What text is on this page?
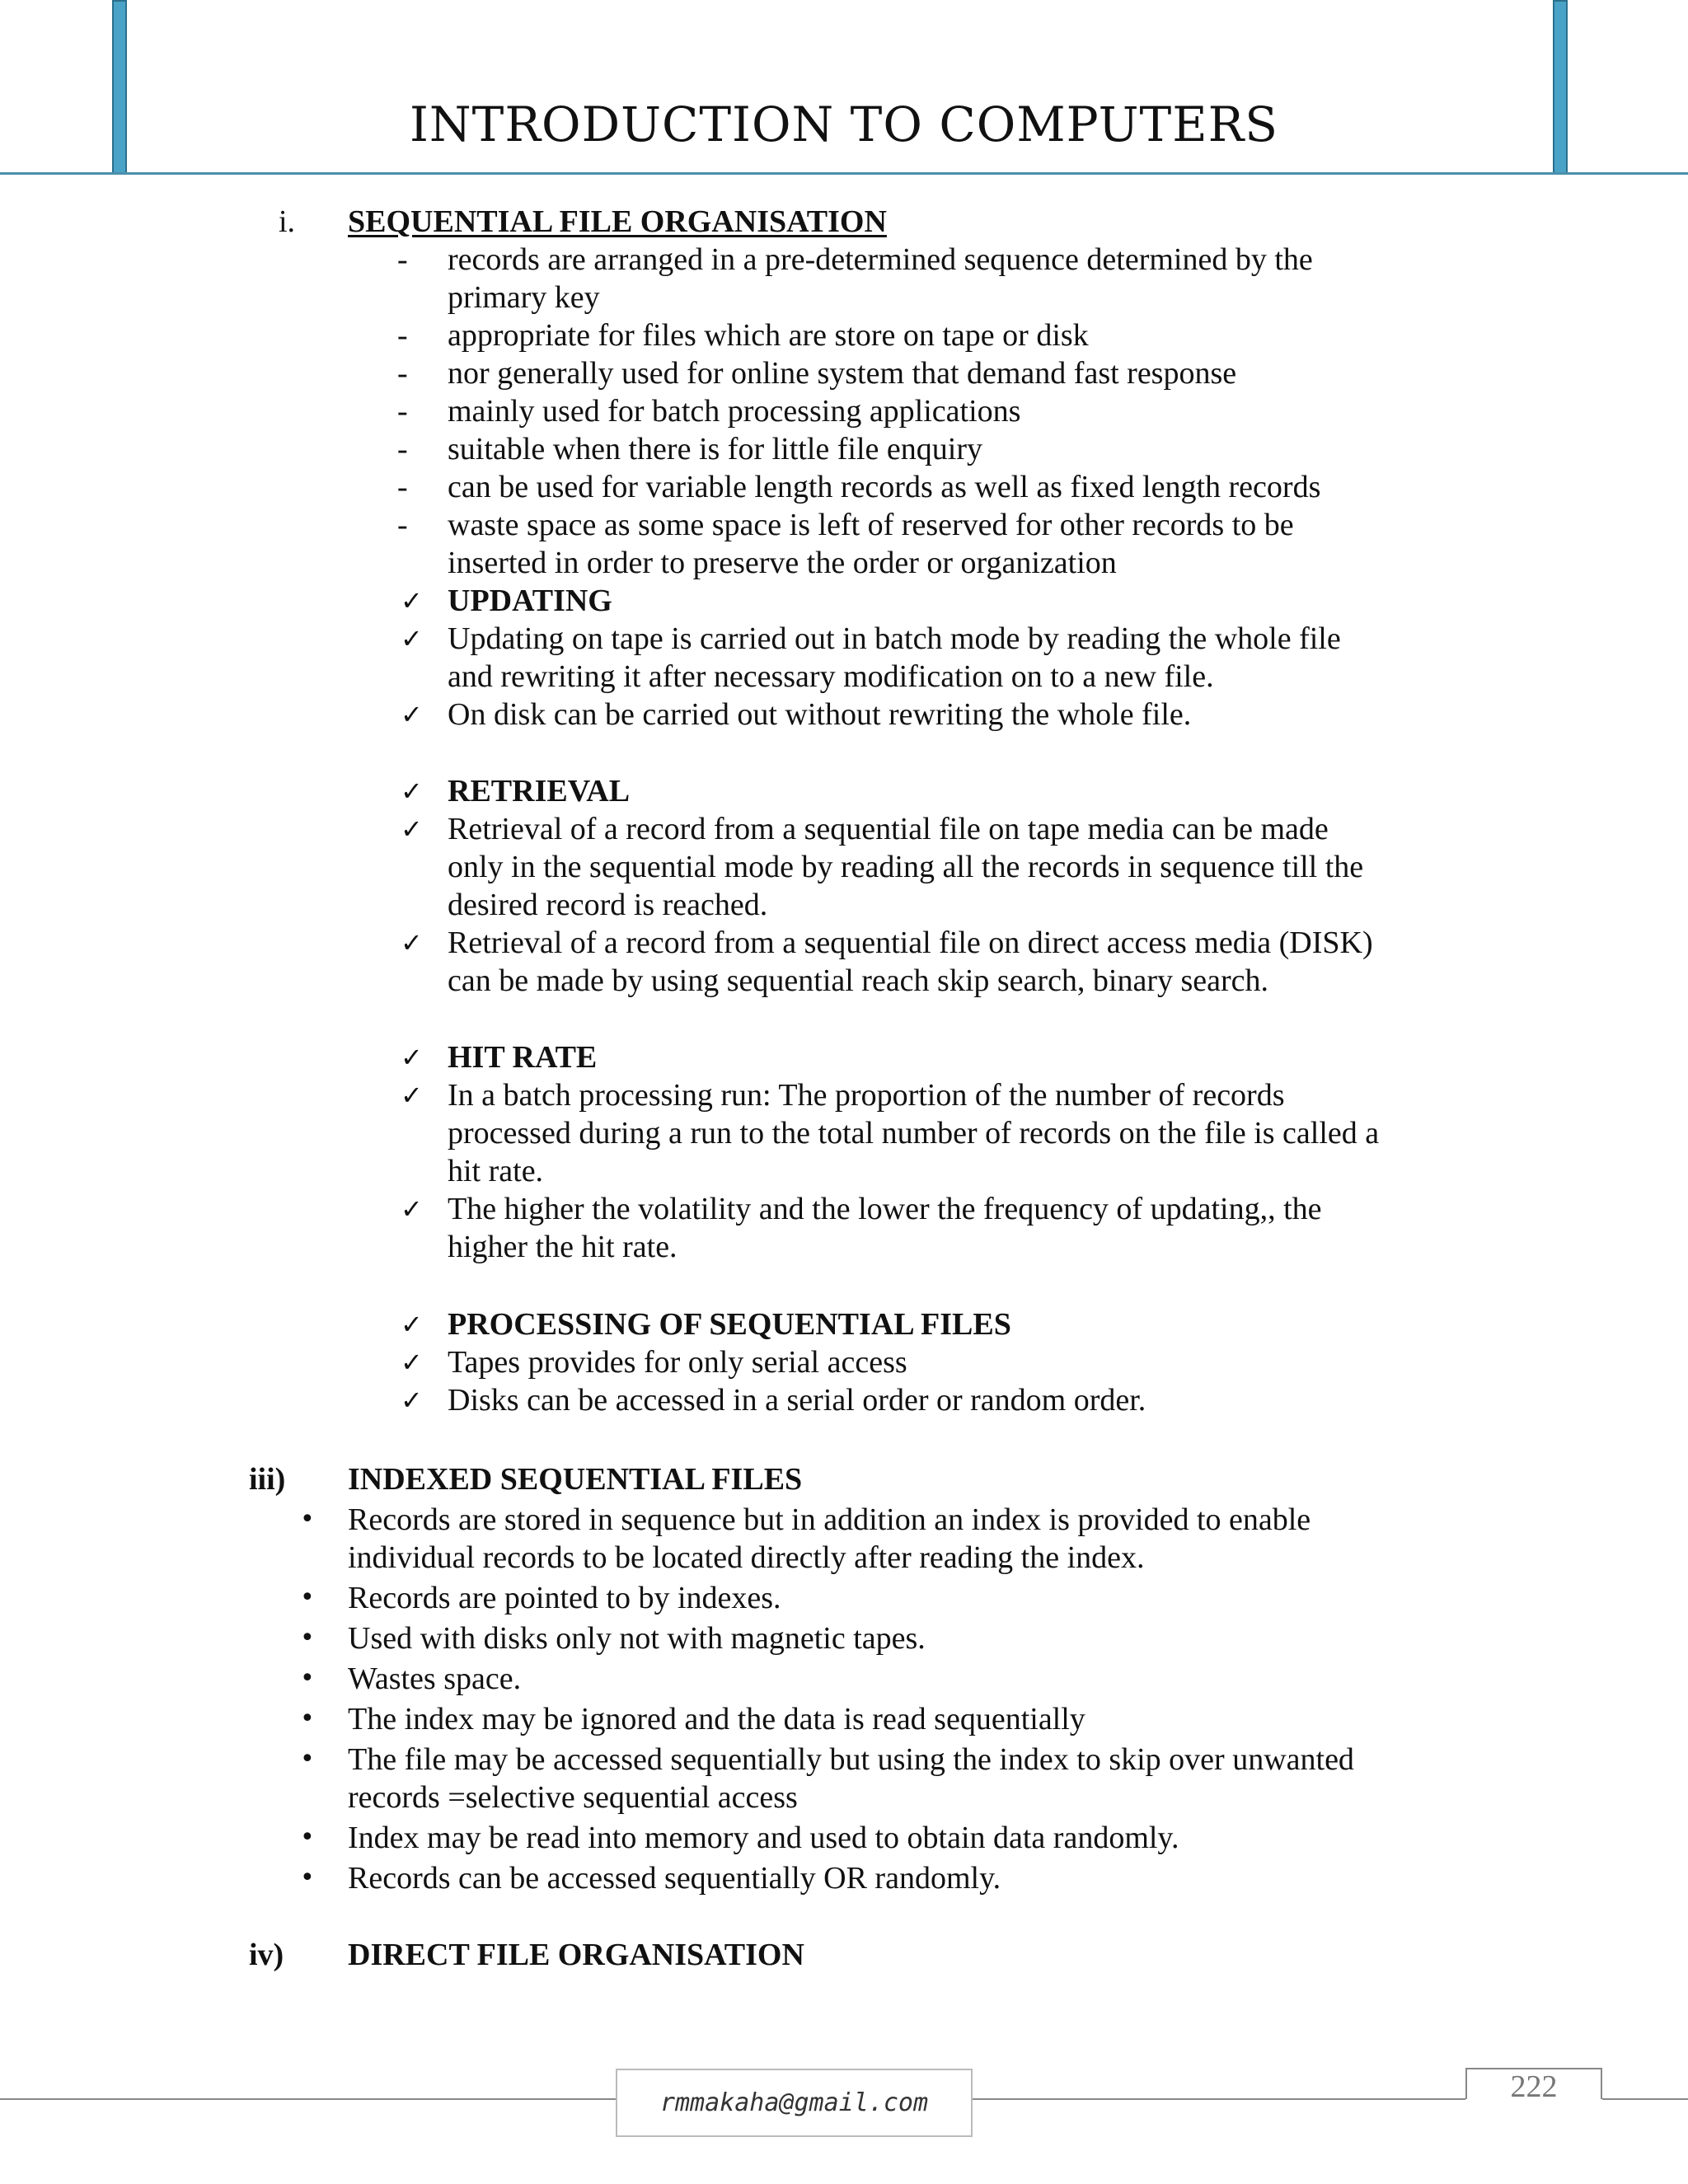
INTRODUCTION TO COMPUTERS
i. SEQUENTIAL FILE ORGANISATION
- records are arranged in a pre-determined sequence determined by the
primary key
- appropriate for files which are store on tape or disk
- nor generally used for online system that demand fast response
- mainly used for batch processing applications
- suitable when there is for little file enquiry
- can be used for variable length records as well as fixed length records
- waste space as some space is left of reserved for other records to be
inserted in order to preserve the order or organization
✓ UPDATING
✓ Updating on tape is carried out in batch mode by reading the whole file
and rewriting it after necessary modification on to a new file.
✓ On disk can be carried out without rewriting the whole file.
✓ RETRIEVAL
✓ Retrieval of a record from a sequential file on tape media can be made
only in the sequential mode by reading all the records in sequence till the
desired record is reached.
✓ Retrieval of a record from a sequential file on direct access media (DISK)
can be made by using sequential reach skip search, binary search.
✓ HIT RATE
✓ In a batch processing run: The proportion of the number of records
processed during a run to the total number of records on the file is called a
hit rate.
✓ The higher the volatility and the lower the frequency of updating,, the
higher the hit rate.
✓ PROCESSING OF SEQUENTIAL FILES
✓ Tapes provides for only serial access
✓ Disks can be accessed in a serial order or random order.
iii) INDEXED SEQUENTIAL FILES
• Records are stored in sequence but in addition an index is provided to enable
individual records to be located directly after reading the index.
• Records are pointed to by indexes.
• Used with disks only not with magnetic tapes.
• Wastes space.
• The index may be ignored and the data is read sequentially
• The file may be accessed sequentially but using the index to skip over unwanted
records =selective sequential access
• Index may be read into memory and used to obtain data randomly.
• Records can be accessed sequentially OR randomly.
iv) DIRECT FILE ORGANISATION
rmmakaha@gmail.com	222
